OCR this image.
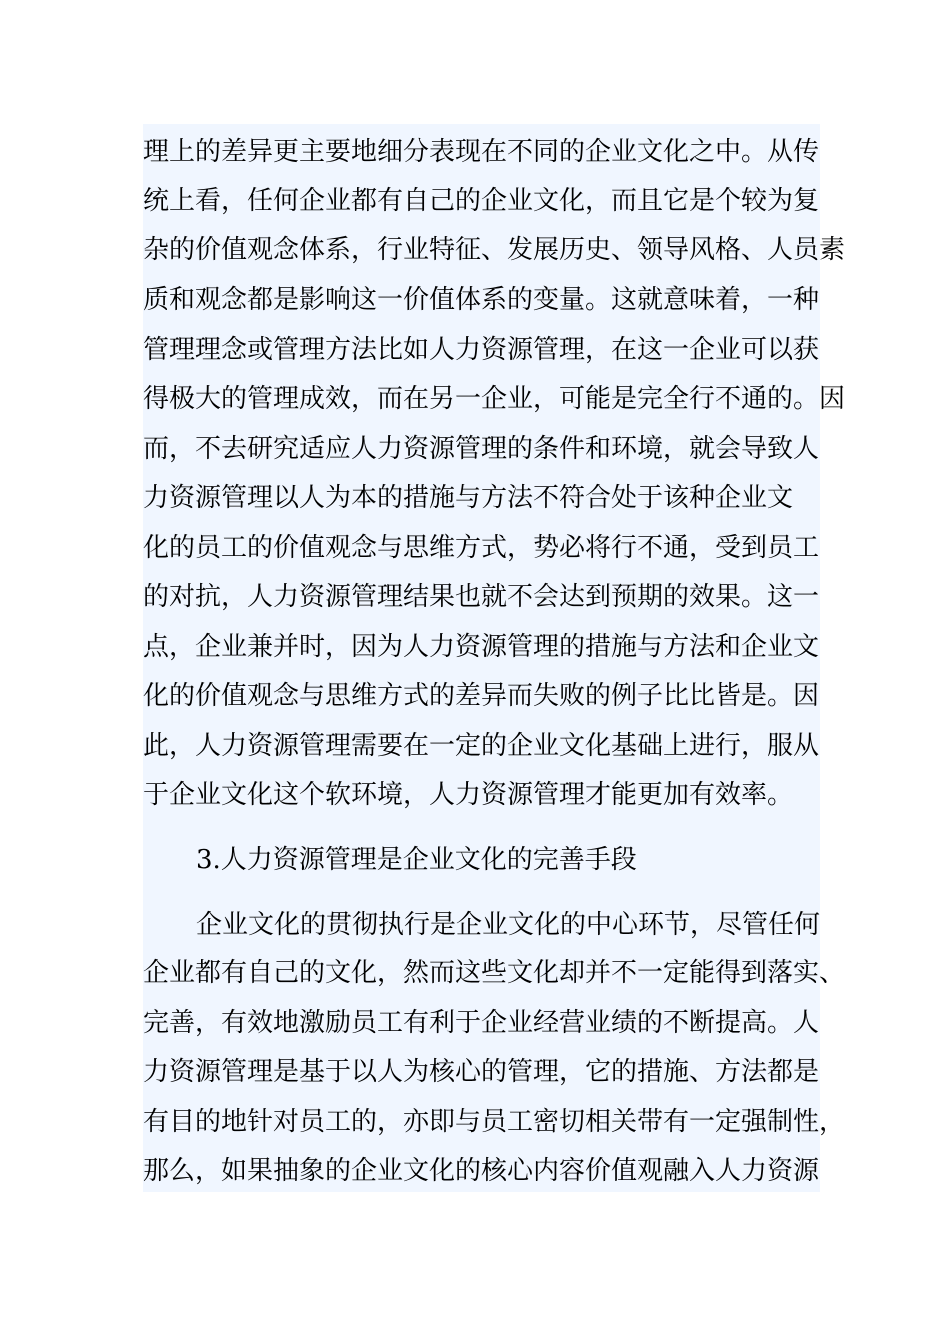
理上的差异更主要地细分表现在不同的企业文化之中。从传
统上看，任何企业都有自己的企业文化，而且它是个较为复
杂的价值观念体系，行业特征、发展历史、领导风格、人员素
质和观念都是影响这一价值体系的变量。这就意味着，一种
管理理念或管理方法比如人力资源管理，在这一企业可以获
得极大的管理成效，而在另一企业，可能是完全行不通的。因
而，不去研究适应人力资源管理的条件和环境，就会导致人
力资源管理以人为本的措施与方法不符合处于该种企业文
化的员工的价值观念与思维方式，势必将行不通，受到员工
的对抗，人力资源管理结果也就不会达到预期的效果。这一
点，企业兼并时，因为人力资源管理的措施与方法和企业文
化的价值观念与思维方式的差异而失败的例子比比皆是。因
此，人力资源管理需要在一定的企业文化基础上进行，服从
于企业文化这个软环境，人力资源管理才能更加有效率。
3.人力资源管理是企业文化的完善手段
企业文化的贯彻执行是企业文化的中心环节，尽管任何
企业都有自己的文化，然而这些文化却并不一定能得到落实、
完善，有效地激励员工有利于企业经营业绩的不断提高。人
力资源管理是基于以人为核心的管理，它的措施、方法都是
有目的地针对员工的，亦即与员工密切相关带有一定强制性，
那么，如果抽象的企业文化的核心内容价值观融入人力资源
